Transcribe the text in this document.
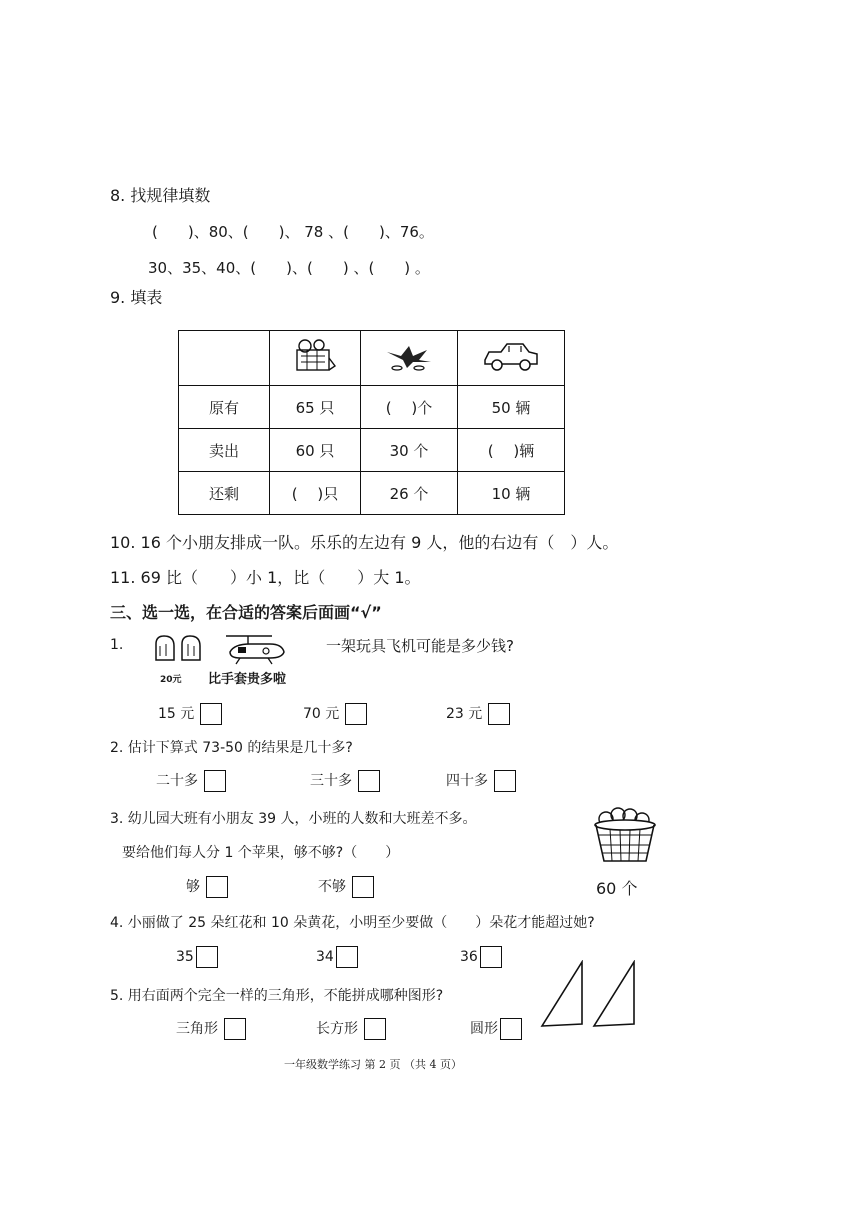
8. 找规律填数
(　　)、80、(　　)、 78 、(　　)、76。
30、35、40、(　　)、(　　) 、(　　) 。
9. 填表

原有	65 只	(　 )个	50 辆
卖出	60 只	30 个	(　 )辆
还剩	(　 )只	26 个	10 辆
10. 16 个小朋友排成一队。乐乐的左边有 9 人，他的右边有（　）人。
11. 69 比（　　）小 1，比（　　）大 1。
三、选一选，在合适的答案后面画“√”
1.
20元
一架玩具飞机可能是多少钱?
比手套贵多啦
15 元	70 元	23 元
2. 估计下算式 73-50 的结果是几十多?
二十多	三十多	四十多
3. 幼儿园大班有小朋友 39 人，小班的人数和大班差不多。
要给他们每人分 1 个苹果，够不够?（　　）
60 个
够	不够
4. 小丽做了 25 朵红花和 10 朵黄花，小明至少要做（　　）朵花才能超过她?
35	34	36
5. 用右面两个完全一样的三角形，不能拼成哪种图形?
三角形	长方形	圆形
一年级数学练习 第 2 页 （共 4 页）
